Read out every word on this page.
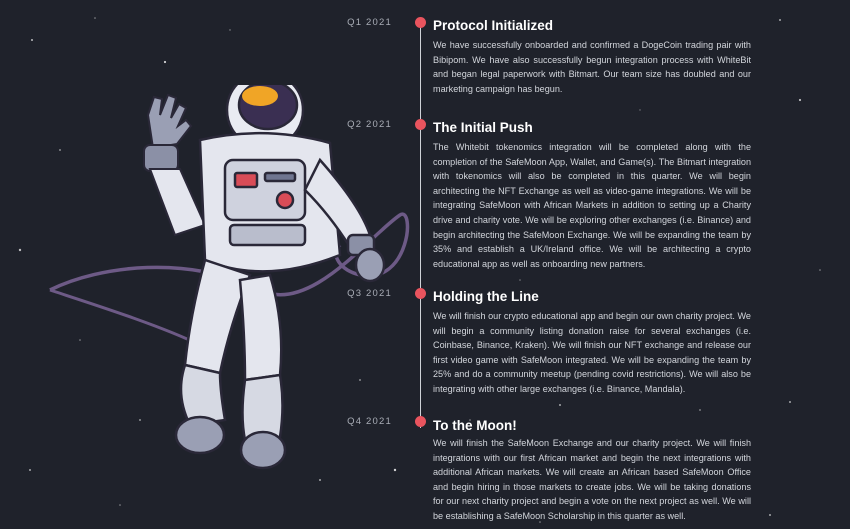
Q1 2021	Protocol Initialized
We have successfully onboarded and confirmed a DogeCoin trading pair with Bibipom. We have also successfully begun integration process with WhiteBit and began legal paperwork with Bitmart. Our team size has doubled and our marketing campaign has begun.
Q2 2021	The Initial Push
The Whitebit tokenomics integration will be completed along with the completion of the SafeMoon App, Wallet, and Game(s). The Bitmart integration with tokenomics will also be completed in this quarter. We will begin architecting the NFT Exchange as well as video-game integrations. We will be integrating SafeMoon with African Markets in addition to setting up a Charity drive and charity vote. We will be exploring other exchanges (i.e. Binance) and begin architecting the SafeMoon Exchange. We will be expanding the team by 35% and establish a UK/Ireland office. We will be architecting a crypto educational app as well as onboarding new partners.
Q3 2021	Holding the Line
We will finish our crypto educational app and begin our own charity project. We will begin a community listing donation raise for several exchanges (i.e. Coinbase, Binance, Kraken). We will finish our NFT exchange and release our first video game with SafeMoon integrated. We will be expanding the team by 25% and do a community meetup (pending covid restrictions). We will also be integrating with other large exchanges (i.e. Binance, Mandala).
Q4 2021	To the Moon!
We will finish the SafeMoon Exchange and our charity project. We will finish integrations with our first African market and begin the next integrations with additional African markets. We will create an African based SafeMoon Office and begin hiring in those markets to create jobs. We will be taking donations for our next charity project and begin a vote on the next project as well. We will be establishing a SafeMoon Scholarship in this quarter as well.
